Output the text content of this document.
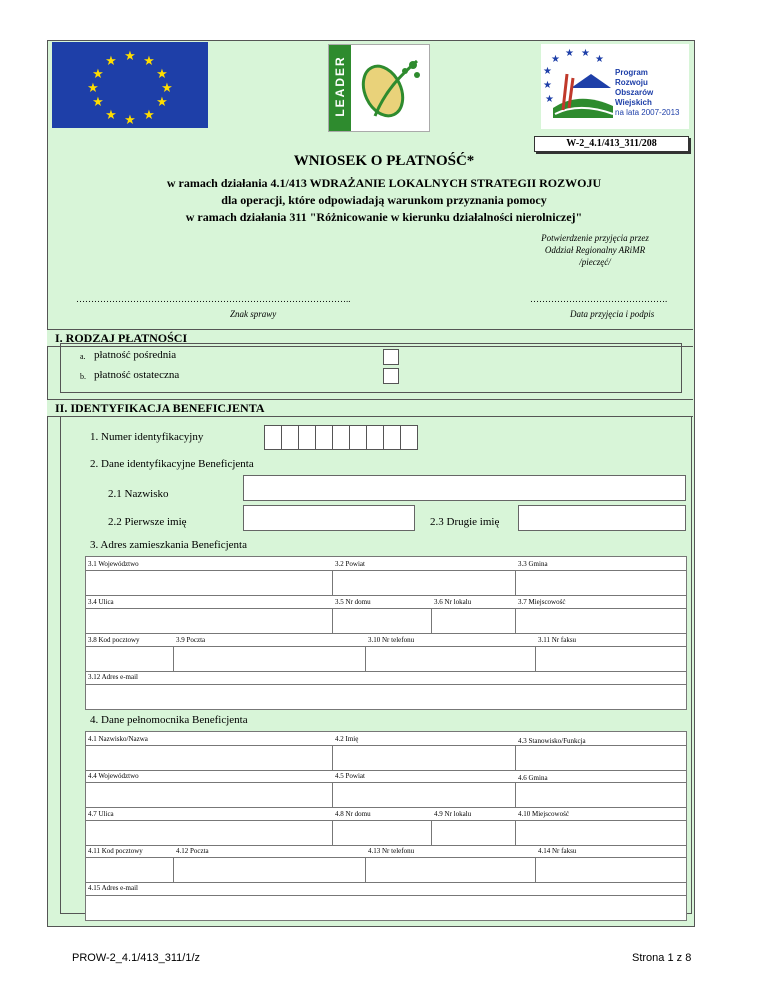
★ ★
★
★
★
★
★
★
★
★
★
★	LEADER	★
★
★ ★
★
★
★
Program
Rozwoju
Obszarów
Wiejskich
na lata 2007-2013
W-2_4.1/413_311/208
WNIOSEK O PŁATNOŚĆ*
w ramach działania 4.1/413 WDRAŻANIE LOKALNYCH STRATEGII ROZWOJU
dla operacji, które odpowiadają warunkom przyznania pomocy
w ramach działania 311 "Różnicowanie w kierunku działalności nierolniczej"
Potwierdzenie przyjęcia przez
Oddział Regionalny ARiMR
/pieczęć/
………………………………………………………………………………..	……………………………………….
Znak sprawy	Data przyjęcia i podpis
I. RODZAJ PŁATNOŚCI
a. płatność pośrednia
b. płatność ostateczna
II. IDENTYFIKACJA BENEFICJENTA
1. Numer identyfikacyjny
2. Dane identyfikacyjne Beneficjenta
2.1 Nazwisko
2.2 Pierwsze imię	2.3 Drugie imię
3. Adres zamieszkania Beneficjenta
3.1 Województwo	3.2 Powiat	3.3 Gmina
3.4 Ulica	3.5 Nr domu	3.6 Nr lokalu	3.7 Miejscowość
3.8 Kod pocztowy	3.9 Poczta	3.10 Nr telefonu	3.11 Nr faksu
3.12 Adres e-mail
4. Dane pełnomocnika Beneficjenta
4.1 Nazwisko/Nazwa	4.2 Imię	4.3 Stanowisko/Funkcja
4.4 Województwo	4.5 Powiat	4.6 Gmina
4.7 Ulica	4.8 Nr domu	4.9 Nr lokalu	4.10 Miejscowość
4.11 Kod pocztowy	4.12 Poczta	4.13 Nr telefonu	4.14 Nr faksu
4.15 Adres e-mail
PROW-2_4.1/413_311/1/z	Strona 1 z 8
